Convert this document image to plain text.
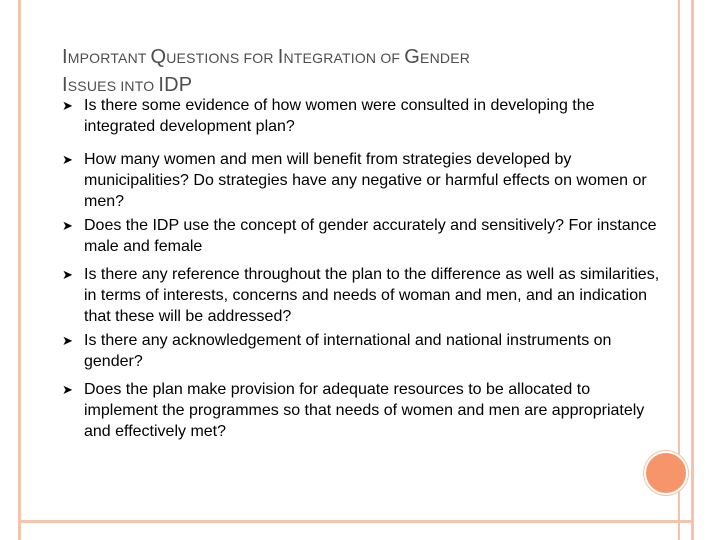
IMPORTANT QUESTIONS FOR INTEGRATION OF GENDER
ISSUES INTO IDP
➤ Is there some evidence of how women were consulted in developing the integrated development plan?
➤ How many women and men will benefit from strategies developed by municipalities? Do strategies have any negative or harmful effects on women or men?
➤ Does the IDP use the concept of gender accurately and sensitively? For instance male and female
➤ Is there any reference throughout the plan to the difference as well as similarities, in terms of interests, concerns and needs of woman and men, and an indication that these will be addressed?
➤ Is there any acknowledgement of international and national instruments on gender?
➤ Does the plan make provision for adequate resources to be allocated to implement the programmes so that needs of women and men are appropriately and effectively met?
